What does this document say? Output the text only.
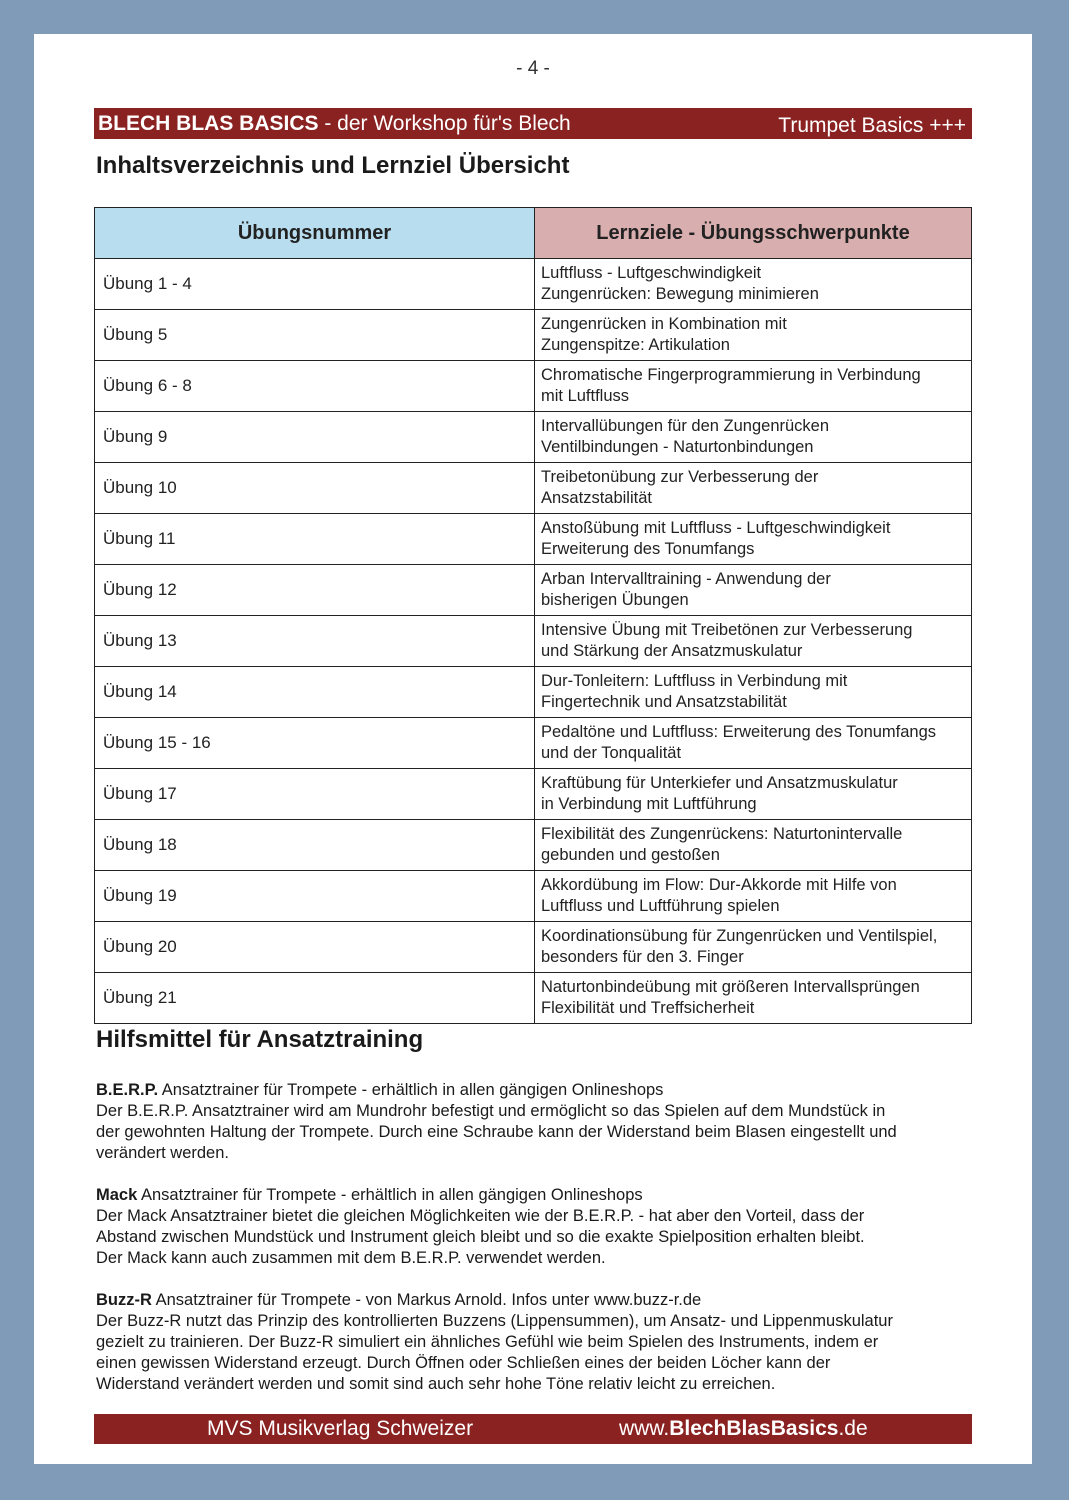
- 4 -
BLECH BLAS BASICS - der Workshop für's Blech	Trumpet Basics +++
Inhaltsverzeichnis und Lernziel Übersicht
Übungsnummer	Lernziele - Übungsschwerpunkte
Übung 1 - 4	Luftfluss - Luftgeschwindigkeit
Zungenrücken: Bewegung minimieren

Übung 5	Zungenrücken in Kombination mit
Zungenspitze: Artikulation

Übung 6 - 8	Chromatische Fingerprogrammierung in Verbindung
mit Luftfluss

Übung 9	Intervallübungen für den Zungenrücken
Ventilbindungen - Naturtonbindungen

Übung 10	Treibetonübung zur Verbesserung der
Ansatzstabilität

Übung 11	Anstoßübung mit Luftfluss - Luftgeschwindigkeit
Erweiterung des Tonumfangs

Übung 12	Arban Intervalltraining - Anwendung der
bisherigen Übungen

Übung 13	Intensive Übung mit Treibetönen zur Verbesserung
und Stärkung der Ansatzmuskulatur

Übung 14	Dur-Tonleitern: Luftfluss in Verbindung mit
Fingertechnik und Ansatzstabilität

Übung 15 - 16	Pedaltöne und Luftfluss: Erweiterung des Tonumfangs
und der Tonqualität

Übung 17	Kraftübung für Unterkiefer und Ansatzmuskulatur
in Verbindung mit Luftführung

Übung 18	Flexibilität des Zungenrückens: Naturtonintervalle
gebunden und gestoßen

Übung 19	Akkordübung im Flow: Dur-Akkorde mit Hilfe von
Luftfluss und Luftführung spielen

Übung 20	Koordinationsübung für Zungenrücken und Ventilspiel,
besonders für den 3. Finger

Übung 21	Naturtonbindeübung mit größeren Intervallsprüngen
Flexibilität und Treffsicherheit
Hilfsmittel für Ansatztraining
B.E.R.P. Ansatztrainer für Trompete - erhältlich in allen gängigen Onlineshops
Der B.E.R.P. Ansatztrainer wird am Mundrohr befestigt und ermöglicht so das Spielen auf dem Mundstück in
der gewohnten Haltung der Trompete. Durch eine Schraube kann der Widerstand beim Blasen eingestellt und
verändert werden.
Mack Ansatztrainer für Trompete - erhältlich in allen gängigen Onlineshops
Der Mack Ansatztrainer bietet die gleichen Möglichkeiten wie der B.E.R.P. - hat aber den Vorteil, dass der
Abstand zwischen Mundstück und Instrument gleich bleibt und so die exakte Spielposition erhalten bleibt.
Der Mack kann auch zusammen mit dem B.E.R.P. verwendet werden.
Buzz-R Ansatztrainer für Trompete - von Markus Arnold. Infos unter www.buzz-r.de
Der Buzz-R nutzt das Prinzip des kontrollierten Buzzens (Lippensummen), um Ansatz- und Lippenmuskulatur
gezielt zu trainieren. Der Buzz-R simuliert ein ähnliches Gefühl wie beim Spielen des Instruments, indem er
einen gewissen Widerstand erzeugt. Durch Öffnen oder Schließen eines der beiden Löcher kann der
Widerstand verändert werden und somit sind auch sehr hohe Töne relativ leicht zu erreichen.
MVS Musikverlag Schweizer	www.BlechBlasBasics.de
